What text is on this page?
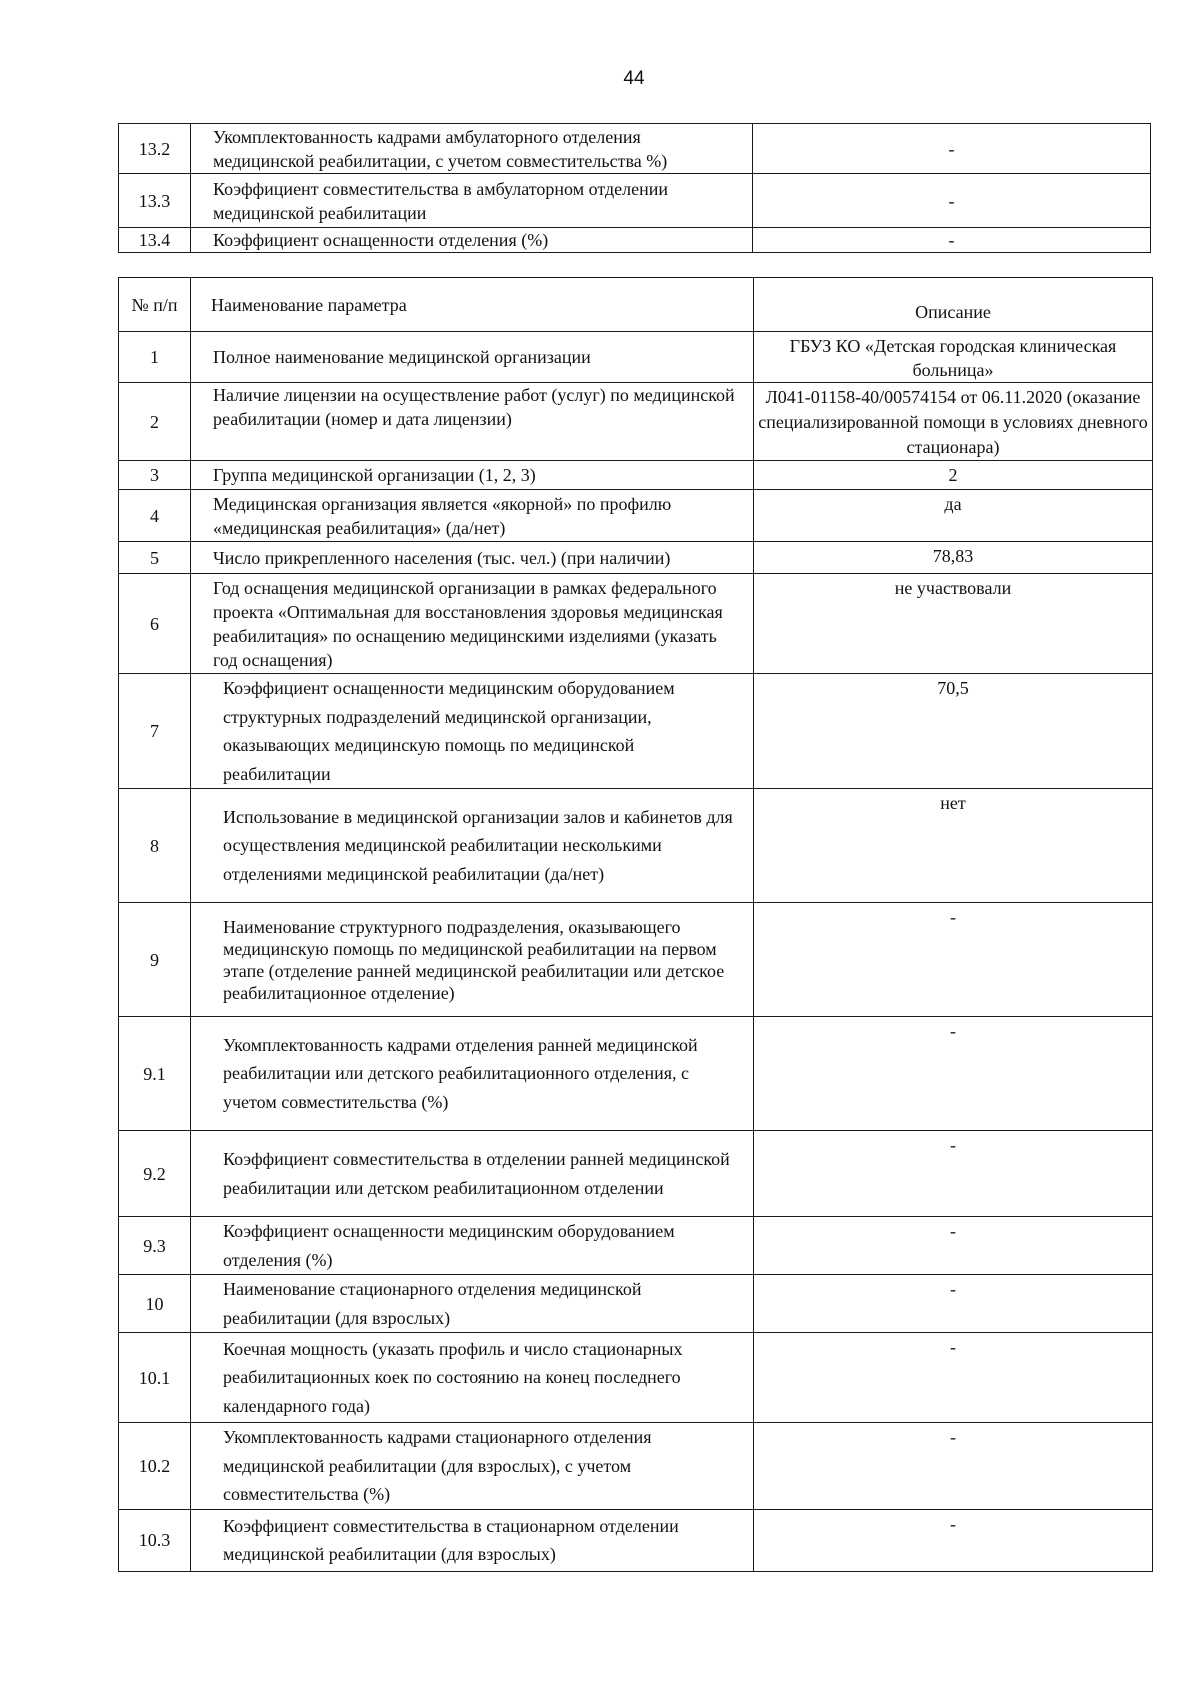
44
13.2	Укомплектованность кадрами амбулаторного отделения медицинской реабилитации, с учетом совместительства %)	-
13.3	Коэффициент совместительства в амбулаторном отделении медицинской реабилитации	-
13.4	Коэффициент оснащенности отделения (%)	-
№ п/п	Наименование параметра	Описание
1	Полное наименование медицинской организации	ГБУЗ КО «Детская городская клиническая больница»
2	Наличие лицензии на осуществление работ (услуг) по медицинской реабилитации (номер и дата лицензии)	Л041-01158-40/00574154 от 06.11.2020 (оказание специализированной помощи в условиях дневного стационара)
3	Группа медицинской организации (1, 2, 3)	2
4	Медицинская организация является «якорной» по профилю «медицинская реабилитация» (да/нет)	да
5	Число прикрепленного населения (тыс. чел.) (при наличии)	78,83
6	Год оснащения медицинской организации в рамках федерального проекта «Оптимальная для восстановления здоровья медицинская реабилитация» по оснащению медицинскими изделиями (указать год оснащения)	не участвовали
7	Коэффициент оснащенности медицинским оборудованием структурных подразделений медицинской организации, оказывающих медицинскую помощь по медицинской реабилитации	70,5
8	Использование в медицинской организации залов и кабинетов для осуществления медицинской реабилитации несколькими отделениями медицинской реабилитации (да/нет)	нет
9	Наименование структурного подразделения, оказывающего медицинскую помощь по медицинской реабилитации на первом этапе (отделение ранней медицинской реабилитации или детское реабилитационное отделение)	-
9.1	Укомплектованность кадрами отделения ранней медицинской реабилитации или детского реабилитационного отделения, с учетом совместительства (%)	-
9.2	Коэффициент совместительства в отделении ранней медицинской реабилитации или детском реабилитационном отделении	-
9.3	Коэффициент оснащенности медицинским оборудованием отделения (%)	-
10	Наименование стационарного отделения медицинской реабилитации (для взрослых)	-
10.1	Коечная мощность (указать профиль и число стационарных реабилитационных коек по состоянию на конец последнего календарного года)	-
10.2	Укомплектованность кадрами стационарного отделения медицинской реабилитации (для взрослых), с учетом совместительства (%)	-
10.3	Коэффициент совместительства в стационарном отделении медицинской реабилитации (для взрослых)	-
